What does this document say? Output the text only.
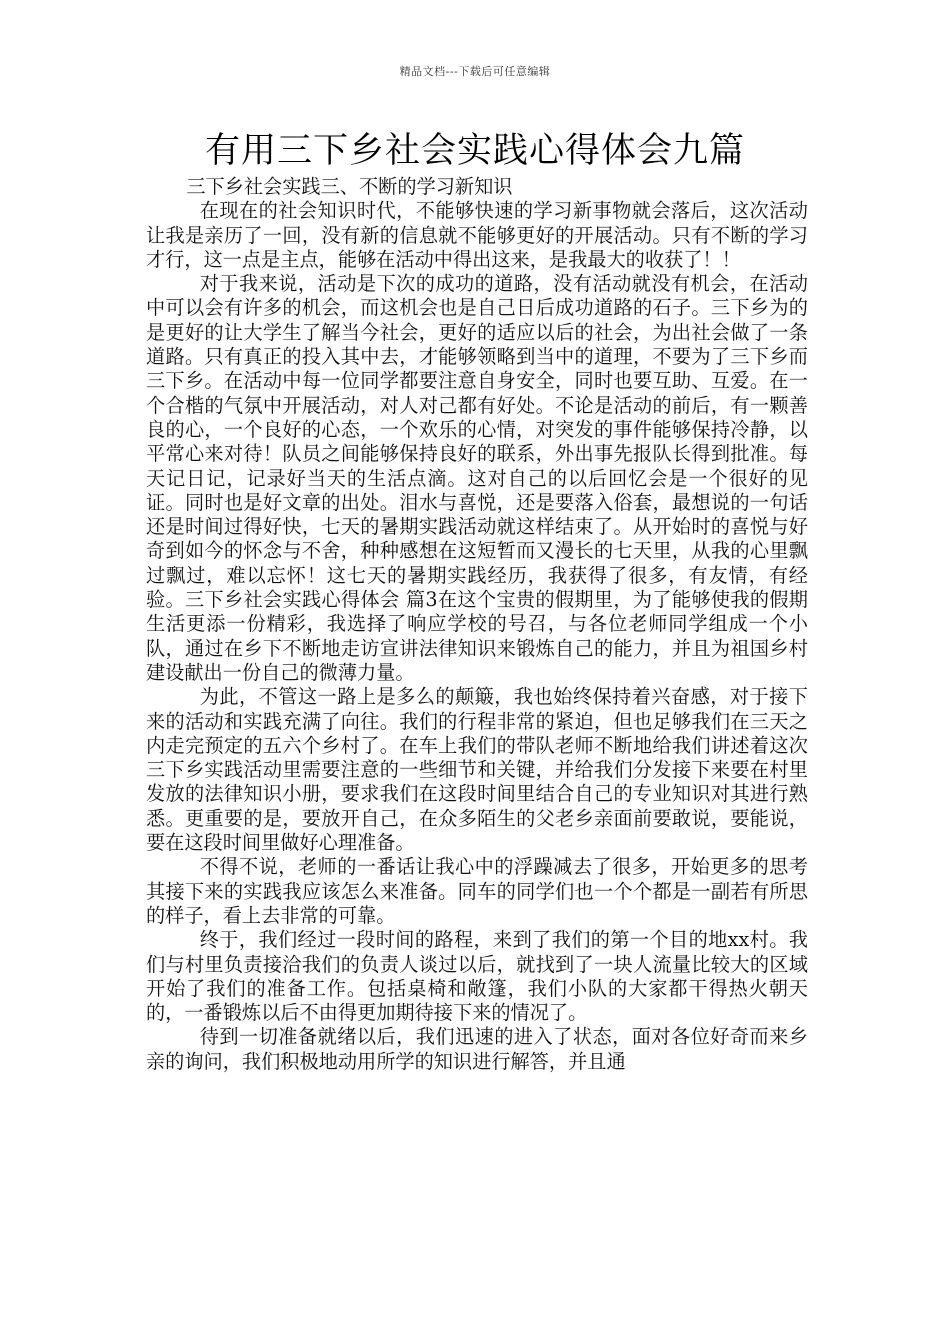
精品文档---下载后可任意编辑
有用三下乡社会实践心得体会九篇

三下乡社会实践三、不断的学习新知识

在现在的社会知识时代，不能够快速的学习新事物就会落后，这次活动让我是亲历了一回，没有新的信息就不能够更好的开展活动。只有不断的学习才行，这一点是主点，能够在活动中得出这来，是我最大的收获了！！

对于我来说，活动是下次的成功的道路，没有活动就没有机会，在活动中可以会有许多的机会，而这机会也是自己日后成功道路的石子。三下乡为的是更好的让大学生了解当今社会，更好的适应以后的社会，为出社会做了一条道路。只有真正的投入其中去，才能够领略到当中的道理，不要为了三下乡而三下乡。在活动中每一位同学都要注意自身安全，同时也要互助、互爱。在一个合楷的气氛中开展活动，对人对己都有好处。不论是活动的前后，有一颗善良的心，一个良好的心态，一个欢乐的心情，对突发的事件能够保持冷静，以平常心来对待！队员之间能够保持良好的联系，外出事先报队长得到批准。每天记日记，记录好当天的生活点滴。这对自己的以后回忆会是一个很好的见证。同时也是好文章的出处。泪水与喜悦，还是要落入俗套，最想说的一句话还是时间过得好快，七天的暑期实践活动就这样结束了。从开始时的喜悦与好奇到如今的怀念与不舍，种种感想在这短暂而又漫长的七天里，从我的心里飘过飘过，难以忘怀！这七天的暑期实践经历，我获得了很多，有友情，有经验。三下乡社会实践心得体会 篇3在这个宝贵的假期里，为了能够使我的假期生活更添一份精彩，我选择了响应学校的号召，与各位老师同学组成一个小队，通过在乡下不断地走访宣讲法律知识来锻炼自己的能力，并且为祖国乡村建设献出一份自己的微薄力量。

为此，不管这一路上是多么的颠簸，我也始终保持着兴奋感，对于接下来的活动和实践充满了向往。我们的行程非常的紧迫，但也足够我们在三天之内走完预定的五六个乡村了。在车上我们的带队老师不断地给我们讲述着这次三下乡实践活动里需要注意的一些细节和关键，并给我们分发接下来要在村里发放的法律知识小册，要求我们在这段时间里结合自己的专业知识对其进行熟悉。更重要的是，要放开自己，在众多陌生的父老乡亲面前要敢说，要能说，要在这段时间里做好心理准备。

不得不说，老师的一番话让我心中的浮躁减去了很多，开始更多的思考其接下来的实践我应该怎么来准备。同车的同学们也一个个都是一副若有所思的样子，看上去非常的可靠。

终于，我们经过一段时间的路程，来到了我们的第一个目的地xx村。我们与村里负责接洽我们的负责人谈过以后，就找到了一块人流量比较大的区域开始了我们的准备工作。包括桌椅和敞篷，我们小队的大家都干得热火朝天的，一番锻炼以后不由得更加期待接下来的情况了。

待到一切准备就绪以后，我们迅速的进入了状态，面对各位好奇而来乡亲的询问，我们积极地动用所学的知识进行解答，并且通
